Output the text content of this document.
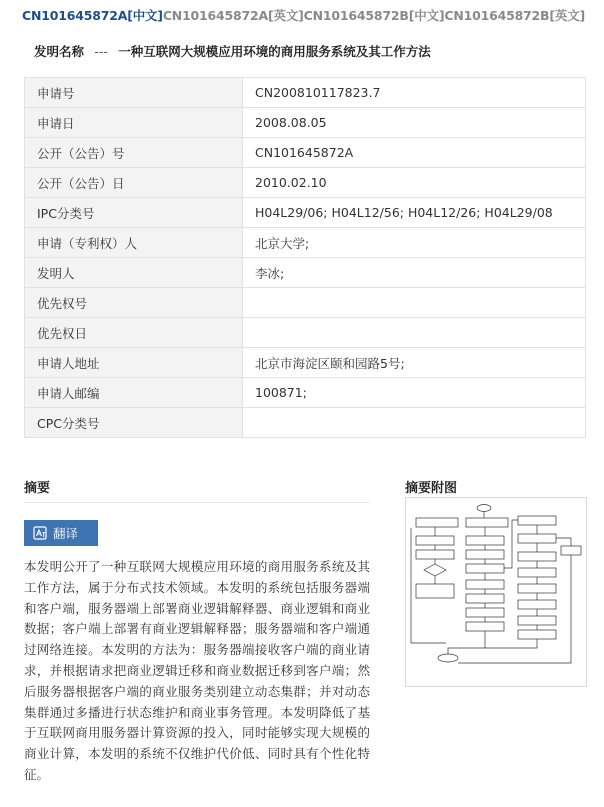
CN101645872A[中文]CN101645872A[英文]CN101645872B[中文]CN101645872B[英文]
发明名称 --- 一种互联网大规模应用环境的商用服务系统及其工作方法
申请号	CN200810117823.7
申请日	2008.08.05
公开（公告）号	CN101645872A
公开（公告）日	2010.02.10
IPC分类号	H04L29/06; H04L12/56; H04L12/26; H04L29/08
申请（专利权）人	北京大学;
发明人	李冰;
优先权号	
优先权日	
申请人地址	北京市海淀区颐和园路5号;
申请人邮编	100871;
CPC分类号	
摘要
翻译
本发明公开了一种互联网大规模应用环境的商用服务系统及其工作方法，属于分布式技术领域。本发明的系统包括服务器端和客户端，服务器端上部署商业逻辑解释器、商业逻辑和商业数据；客户端上部署有商业逻辑解释器；服务器端和客户端通过网络连接。本发明的方法为：服务器端接收客户端的商业请求，并根据请求把商业逻辑迁移和商业数据迁移到客户端；然后服务器根据客户端的商业服务类别建立动态集群；并对动态集群通过多播进行状态维护和商业事务管理。本发明降低了基于互联网商用服务器计算资源的投入，同时能够实现大规模的商业计算，本发明的系统不仅维护代价低、同时具有个性化特征。
摘要附图
